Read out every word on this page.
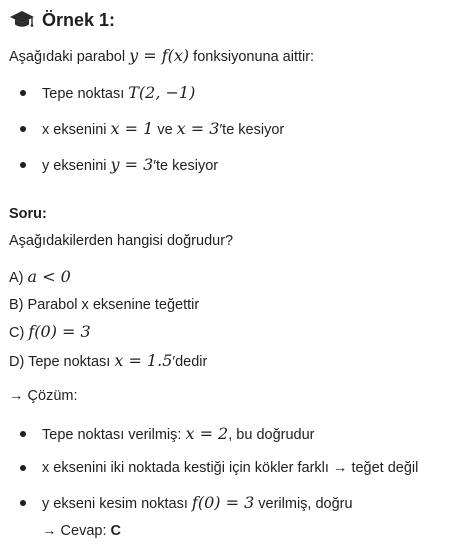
Örnek 1:
Aşağıdaki parabol y = f(x) fonksiyonuna aittir:
Tepe noktası T(2, −1)
x eksenini x = 1 ve x = 3′te kesiyor
y eksenini y = 3′te kesiyor
Soru:
Aşağıdakilerden hangisi doğrudur?
A) a < 0
B) Parabol x eksenine teğettir
C) f(0) = 3
D) Tepe noktası x = 1.5′dedir
→ Çözüm:
Tepe noktası verilmiş: x = 2, bu doğrudur
x eksenini iki noktada kestiği için kökler farklı → teğet değil
y ekseni kesim noktası f(0) = 3 verilmiş, doğru
→ Cevap: C
